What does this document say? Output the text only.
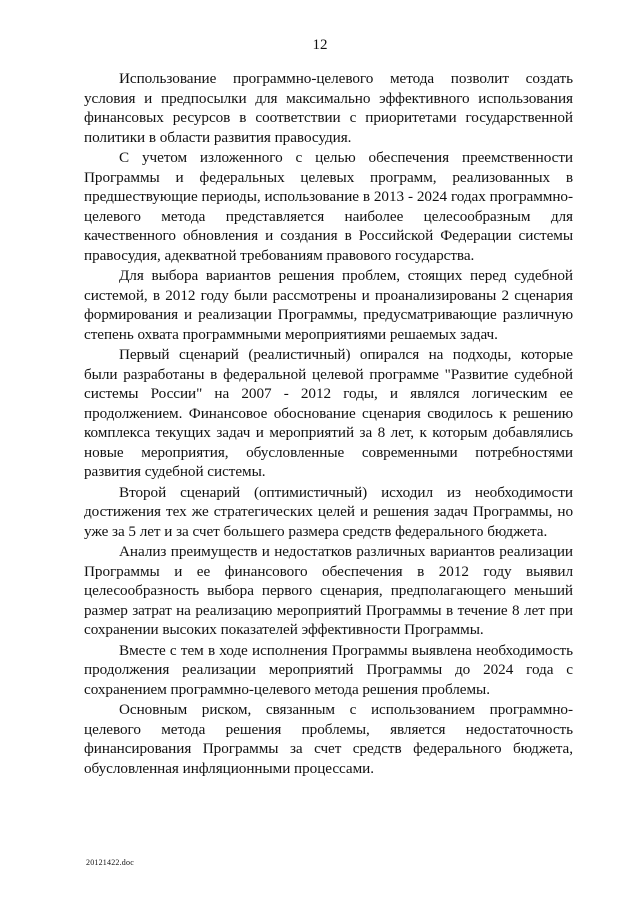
12

Использование программно-целевого метода позволит создать условия и предпосылки для максимально эффективного использования финансовых ресурсов в соответствии с приоритетами государственной политики в области развития правосудия.

С учетом изложенного с целью обеспечения преемственности Программы и федеральных целевых программ, реализованных в предшествующие периоды, использование в 2013 - 2024 годах программно-целевого метода представляется наиболее целесообразным для качественного обновления и создания в Российской Федерации системы правосудия, адекватной требованиям правового государства.

Для выбора вариантов решения проблем, стоящих перед судебной системой, в 2012 году были рассмотрены и проанализированы 2 сценария формирования и реализации Программы, предусматривающие различную степень охвата программными мероприятиями решаемых задач.

Первый сценарий (реалистичный) опирался на подходы, которые были разработаны в федеральной целевой программе "Развитие судебной системы России" на 2007 - 2012 годы, и являлся логическим ее продолжением. Финансовое обоснование сценария сводилось к решению комплекса текущих задач и мероприятий за 8 лет, к которым добавлялись новые мероприятия, обусловленные современными потребностями развития судебной системы.

Второй сценарий (оптимистичный) исходил из необходимости достижения тех же стратегических целей и решения задач Программы, но уже за 5 лет и за счет большего размера средств федерального бюджета.

Анализ преимуществ и недостатков различных вариантов реализации Программы и ее финансового обеспечения в 2012 году выявил целесообразность выбора первого сценария, предполагающего меньший размер затрат на реализацию мероприятий Программы в течение 8 лет при сохранении высоких показателей эффективности Программы.

Вместе с тем в ходе исполнения Программы выявлена необходимость продолжения реализации мероприятий Программы до 2024 года с сохранением программно-целевого метода решения проблемы.

Основным риском, связанным с использованием программно-целевого метода решения проблемы, является недостаточность финансирования Программы за счет средств федерального бюджета, обусловленная инфляционными процессами.

20121422.doc
